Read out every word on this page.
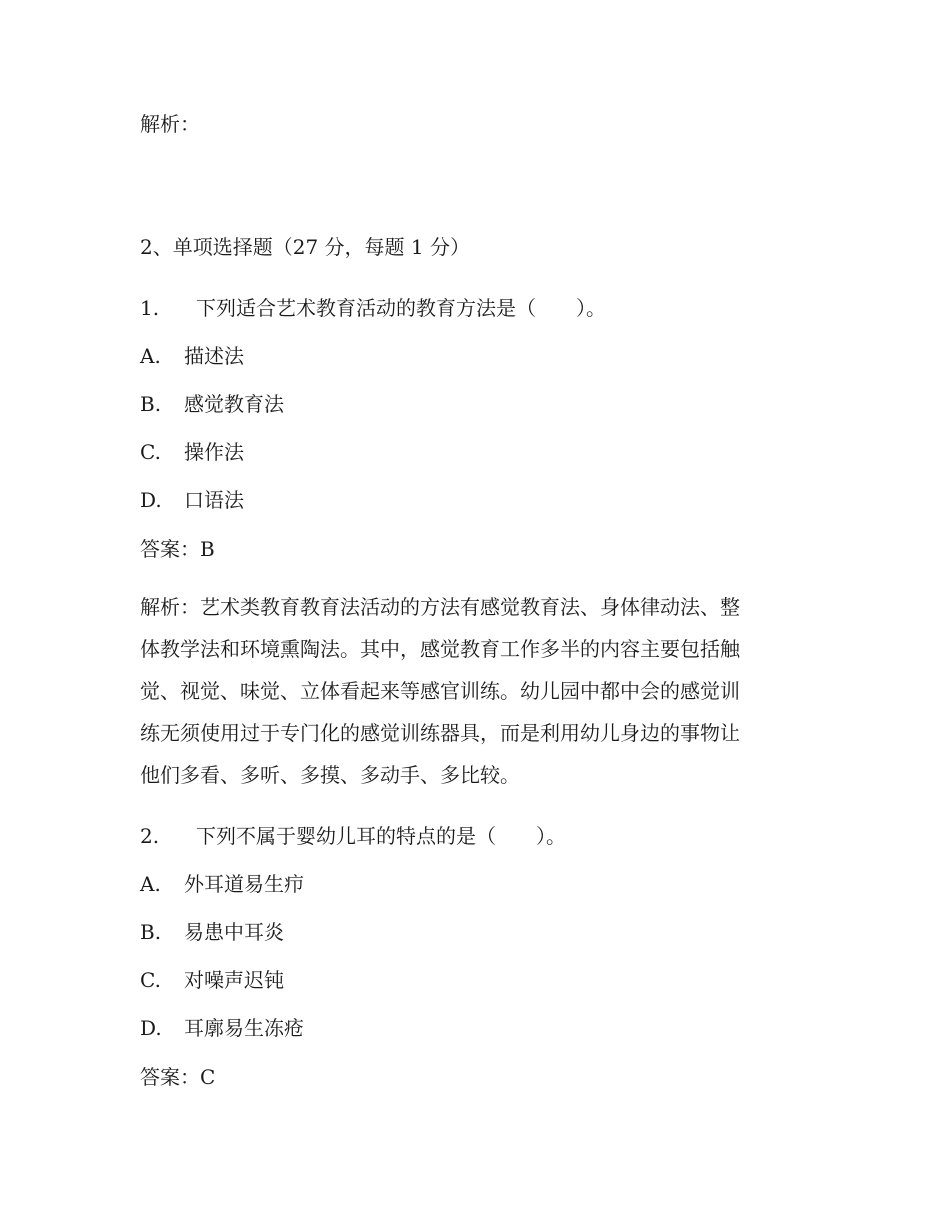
解析：
2、单项选择题（27 分，每题 1 分）
1. 下列适合艺术教育活动的教育方法是（　　）。
A. 描述法
B. 感觉教育法
C. 操作法
D. 口语法
答案：B
解析：艺术类教育教育法活动的方法有感觉教育法、身体律动法、整
体教学法和环境熏陶法。其中，感觉教育工作多半的内容主要包括触
觉、视觉、味觉、立体看起来等感官训练。幼儿园中都中会的感觉训
练无须使用过于专门化的感觉训练器具，而是利用幼儿身边的事物让
他们多看、多听、多摸、多动手、多比较。
2. 下列不属于婴幼儿耳的特点的是（　　）。
A. 外耳道易生疖
B. 易患中耳炎
C. 对噪声迟钝
D. 耳廓易生冻疮
答案：C
